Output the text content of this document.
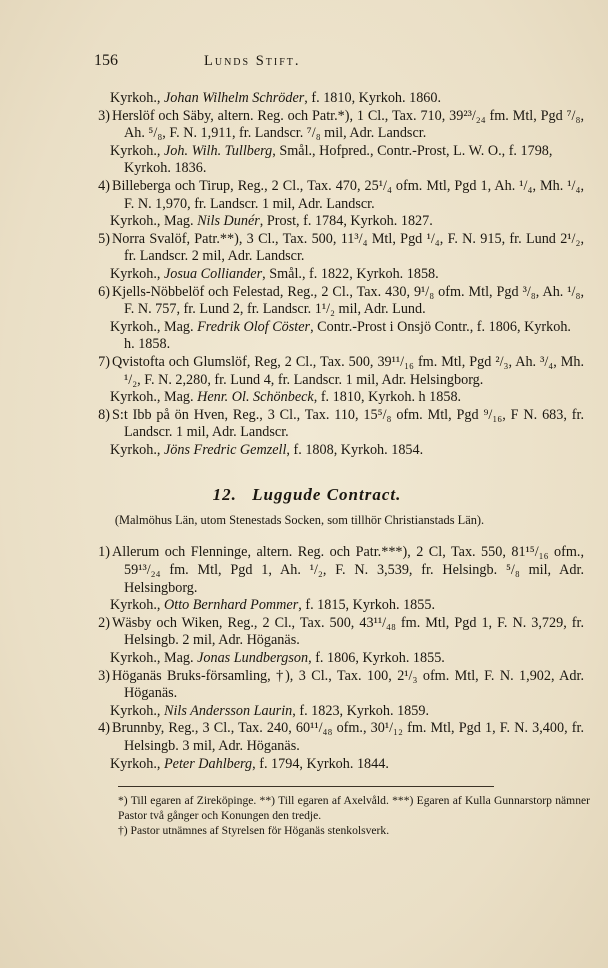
156	Lunds Stift.

Kyrkoh., Johan Wilhelm Schröder, f. 1810, Kyrkoh. 1860.

3) Herslöf och Säby, altern. Reg. och Patr.*), 1 Cl., Tax. 710, 39²³/₂₄ fm. Mtl, Pgd ⁷/₈, Ah. ⁵/₈, F. N. 1,911, fr. Landscr. ⁷/₈ mil, Adr. Landscr.

Kyrkoh., Joh. Wilh. Tullberg, Smål., Hofpred., Contr.-Prost, L. W. O., f. 1798, Kyrkoh. 1836.

4) Billeberga och Tirup, Reg., 2 Cl., Tax. 470, 25¹/₄ ofm. Mtl, Pgd 1, Ah. ¹/₄, Mh. ¹/₄, F. N. 1,970, fr. Landscr. 1 mil, Adr. Landscr.

Kyrkoh., Mag. Nils Dunér, Prost, f. 1784, Kyrkoh. 1827.

5) Norra Svalöf, Patr.**), 3 Cl., Tax. 500, 11³/₄ Mtl, Pgd ¹/₄, F. N. 915, fr. Lund 2¹/₂, fr. Landscr. 2 mil, Adr. Landscr.

Kyrkoh., Josua Colliander, Smål., f. 1822, Kyrkoh. 1858.

6) Kjells-Nöbbelöf och Felestad, Reg., 2 Cl., Tax. 430, 9¹/₈ ofm. Mtl, Pgd ³/₈, Ah. ¹/₈, F. N. 757, fr. Lund 2, fr. Landscr. 1¹/₂ mil, Adr. Lund.

Kyrkoh., Mag. Fredrik Olof Cöster, Contr.-Prost i Onsjö Contr., f. 1806, Kyrkoh. h. 1858.

7) Qvistofta och Glumslöf, Reg, 2 Cl., Tax. 500, 39¹¹/₁₆ fm. Mtl, Pgd ²/₃, Ah. ³/₄, Mh. ¹/₂, F. N. 2,280, fr. Lund 4, fr. Landscr. 1 mil, Adr. Helsingborg.

Kyrkoh., Mag. Henr. Ol. Schönbeck, f. 1810, Kyrkoh. h 1858.

8) S:t Ibb på ön Hven, Reg., 3 Cl., Tax. 110, 15⁵/₈ ofm. Mtl, Pgd ⁹/₁₆, F N. 683, fr. Landscr. 1 mil, Adr. Landscr.

Kyrkoh., Jöns Fredric Gemzell, f. 1808, Kyrkoh. 1854.

12. Luggude Contract.
(Malmöhus Län, utom Stenestads Socken, som tillhör Christianstads Län).

1) Allerum och Flenninge, altern. Reg. och Patr.***), 2 Cl, Tax. 550, 81¹⁵/₁₆ ofm., 59¹³/₂₄ fm. Mtl, Pgd 1, Ah. ¹/₂, F. N. 3,539, fr. Helsingb. ⁵/₈ mil, Adr. Helsingborg.

Kyrkoh., Otto Bernhard Pommer, f. 1815, Kyrkoh. 1855.

2) Wäsby och Wiken, Reg., 2 Cl., Tax. 500, 43¹¹/₄₈ fm. Mtl, Pgd 1, F. N. 3,729, fr. Helsingb. 2 mil, Adr. Höganäs.

Kyrkoh., Mag. Jonas Lundbergson, f. 1806, Kyrkoh. 1855.

3) Höganäs Bruks-församling, †), 3 Cl., Tax. 100, 2¹/₃ ofm. Mtl, F. N. 1,902, Adr. Höganäs.

Kyrkoh., Nils Andersson Laurin, f. 1823, Kyrkoh. 1859.

4) Brunnby, Reg., 3 Cl., Tax. 240, 60¹¹/₄₈ ofm., 30¹/₁₂ fm. Mtl, Pgd 1, F. N. 3,400, fr. Helsingb. 3 mil, Adr. Höganäs.

Kyrkoh., Peter Dahlberg, f. 1794, Kyrkoh. 1844.

*) Till egaren af Zireköpinge. **) Till egaren af Axelvåld. ***) Egaren af Kulla Gunnarstorp nämner Pastor två gånger och Konungen den tredje.

†) Pastor utnämnes af Styrelsen för Höganäs stenkolsverk.
